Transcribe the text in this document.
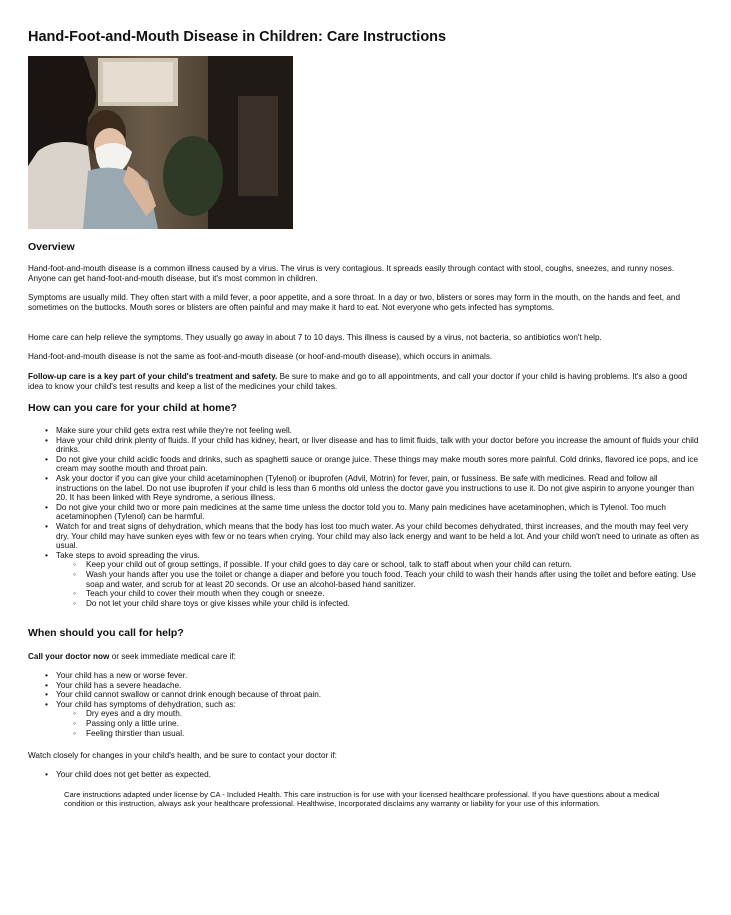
Hand-Foot-and-Mouth Disease in Children: Care Instructions
Overview

Hand-foot-and-mouth disease is a common illness caused by a virus. The virus is very contagious. It spreads easily through contact with stool, coughs, sneezes, and runny noses. Anyone can get hand-foot-and-mouth disease, but it's most common in children.

Symptoms are usually mild. They often start with a mild fever, a poor appetite, and a sore throat. In a day or two, blisters or sores may form in the mouth, on the hands and feet, and sometimes on the buttocks. Mouth sores or blisters are often painful and may make it hard to eat. Not everyone who gets infected has symptoms.

Home care can help relieve the symptoms. They usually go away in about 7 to 10 days. This illness is caused by a virus, not bacteria, so antibiotics won't help.

Hand-foot-and-mouth disease is not the same as foot-and-mouth disease (or hoof-and-mouth disease), which occurs in animals.

Follow-up care is a key part of your child's treatment and safety. Be sure to make and go to all appointments, and call your doctor if your child is having problems. It's also a good idea to know your child's test results and keep a list of the medicines your child takes.

How can you care for your child at home?
• Make sure your child gets extra rest while they're not feeling well.
• Have your child drink plenty of fluids. If your child has kidney, heart, or liver disease and has to limit fluids, talk with your doctor before you increase the amount of fluids your child drinks.
• Do not give your child acidic foods and drinks, such as spaghetti sauce or orange juice. These things may make mouth sores more painful. Cold drinks, flavored ice pops, and ice cream may soothe mouth and throat pain.
• Ask your doctor if you can give your child acetaminophen (Tylenol) or ibuprofen (Advil, Motrin) for fever, pain, or fussiness. Be safe with medicines. Read and follow all instructions on the label. Do not use ibuprofen if your child is less than 6 months old unless the doctor gave you instructions to use it. Do not give aspirin to anyone younger than 20. It has been linked with Reye syndrome, a serious illness.
• Do not give your child two or more pain medicines at the same time unless the doctor told you to. Many pain medicines have acetaminophen, which is Tylenol. Too much acetaminophen (Tylenol) can be harmful.
• Watch for and treat signs of dehydration, which means that the body has lost too much water. As your child becomes dehydrated, thirst increases, and the mouth may feel very dry. Your child may have sunken eyes with few or no tears when crying. Your child may also lack energy and want to be held a lot. And your child won't need to urinate as often as usual.
• Take steps to avoid spreading the virus.
◦ Keep your child out of group settings, if possible. If your child goes to day care or school, talk to staff about when your child can return.
◦ Wash your hands after you use the toilet or change a diaper and before you touch food. Teach your child to wash their hands after using the toilet and before eating. Use soap and water, and scrub for at least 20 seconds. Or use an alcohol-based hand sanitizer.
◦ Teach your child to cover their mouth when they cough or sneeze.
◦ Do not let your child share toys or give kisses while your child is infected.
When should you call for help?

Call your doctor now or seek immediate medical care if:

• Your child has a new or worse fever.
• Your child has a severe headache.
• Your child cannot swallow or cannot drink enough because of throat pain.
• Your child has symptoms of dehydration, such as:
◦ Dry eyes and a dry mouth.
◦ Passing only a little urine.
◦ Feeling thirstier than usual.

Watch closely for changes in your child's health, and be sure to contact your doctor if:

• Your child does not get better as expected.

Care instructions adapted under license by CA - Included Health. This care instruction is for use with your licensed healthcare professional. If you have questions about a medical condition or this instruction, always ask your healthcare professional. Healthwise, Incorporated disclaims any warranty or liability for your use of this information.
